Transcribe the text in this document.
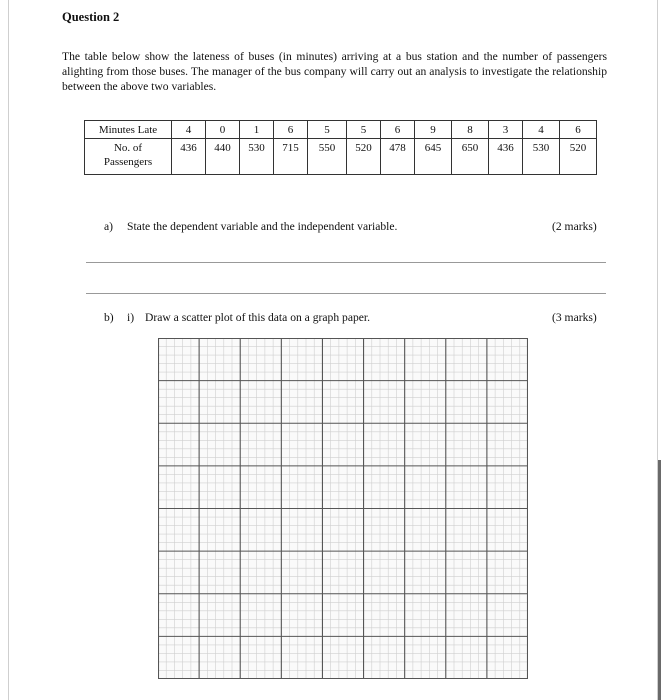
Question 2
The table below show the lateness of buses (in minutes) arriving at a bus station and the number of passengers alighting from those buses. The manager of the bus company will carry out an analysis to investigate the relationship between the above two variables.
Minutes Late	4	0	1	6	5	5	6	9	8	3	4	6

No. of
Passengers	436	440	530	715	550	520	478	645	650	436	530	520
a) State the dependent variable and the independent variable.	(2 marks)
b) i) Draw a scatter plot of this data on a graph paper.	(3 marks)
